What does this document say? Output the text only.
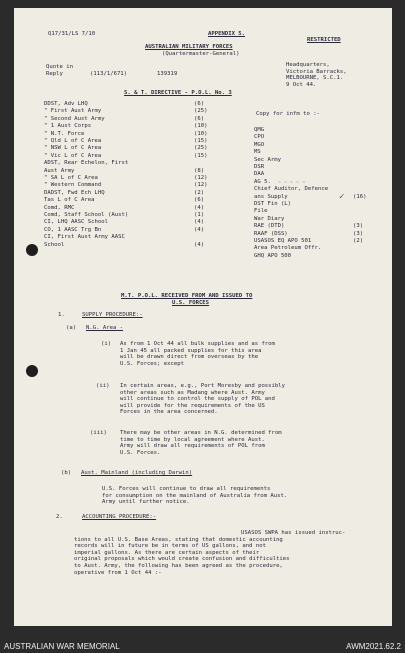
Q17/31/LS 7/10	APPENDIX 5.
RESTRICTED
AUSTRALIAN MILITARY FORCES
(Quartermaster-General)
Quote in
Reply	(113/1/671)	139319
Headquarters,
Victoria Barracks,
MELBOURNE, S.C.1.
9 Oct 44.
S. & T. DIRECTIVE - P.O.L. No. 3
DDST, Adv LHQ	(6)
" First Aust Army	(25)
" Second Aust Army	(6)
" 1 Aust Corps	(10)
" N.T. Force	(10)
" Qld L of C Area	(15)
" NSW L of C Area	(25)
" Vic L of C Area	(15)
ADST, Rear Echelon, First
Aust Army	(8)
" SA L of C Area	(12)
" Western Command	(12)
DADST, Fwd Ech LHQ	(2)
Tas L of C Area	(6)
Comd, RMC	(4)
Comd, Staff School (Aust)	(1)
CI, LHQ AASC School	(4)
CO, 1 AASC Trg Bn	(4)
CI, First Aust Army AASC
School	(4)
Copy for infm to :-
QMG
CPO
MGO
MS
Sec Army
DSR
DAA
AG 5.
Chief Auditor, Defence
ans Supply	(16)
DST Fin (L)
File
War Diary
RAE (DTD)	(3)
RAAF (DSS)	(3)
USASOS EQ APO 501	(2)
Area Petroleum Offr.
GHQ APO 500
~ ~ ~ ~ ~
✓
M.T. P.O.L. RECEIVED FROM AND ISSUED TO
U.S. FORCES
1.	SUPPLY PROCEDURE:-
(a) N.G. Area -
(i) As from 1 Oct 44 all bulk supplies and as from
1 Jan 45 all packed supplies for this area
will be drawn direct from overseas by the
U.S. Forces; except
(ii) In certain areas, e.g., Port Moresby and possibly
other areas such as Madang where Aust. Army
will continue to control the supply of POL and
will provide for the requirements of the US
Forces in the area concerned.
(iii) There may be other areas in N.G. determined from
time to time by local agreement where Aust.
Army will draw all requirements of POL from
U.S. Forces.
(b) Aust. Mainland (including Darwin)
U.S. Forces will continue to draw all requirements
for consumption on the mainland of Australia from Aust.
Army until further notice.
2.	ACCOUNTING PROCEDURE:-
USASOS SWPA has issued instruc-
tions to all U.S. Base Areas, stating that domestic accounting
records will in future be in terms of US gallons, and not
imperial gallons. As there are certain aspects of their
original proposals which would create confusion and difficulties
to Aust. Army, the following has been agreed as the procedure,
operative from 1 Oct 44 :-
AUSTRALIAN WAR MEMORIAL	AWM2021.62.2
